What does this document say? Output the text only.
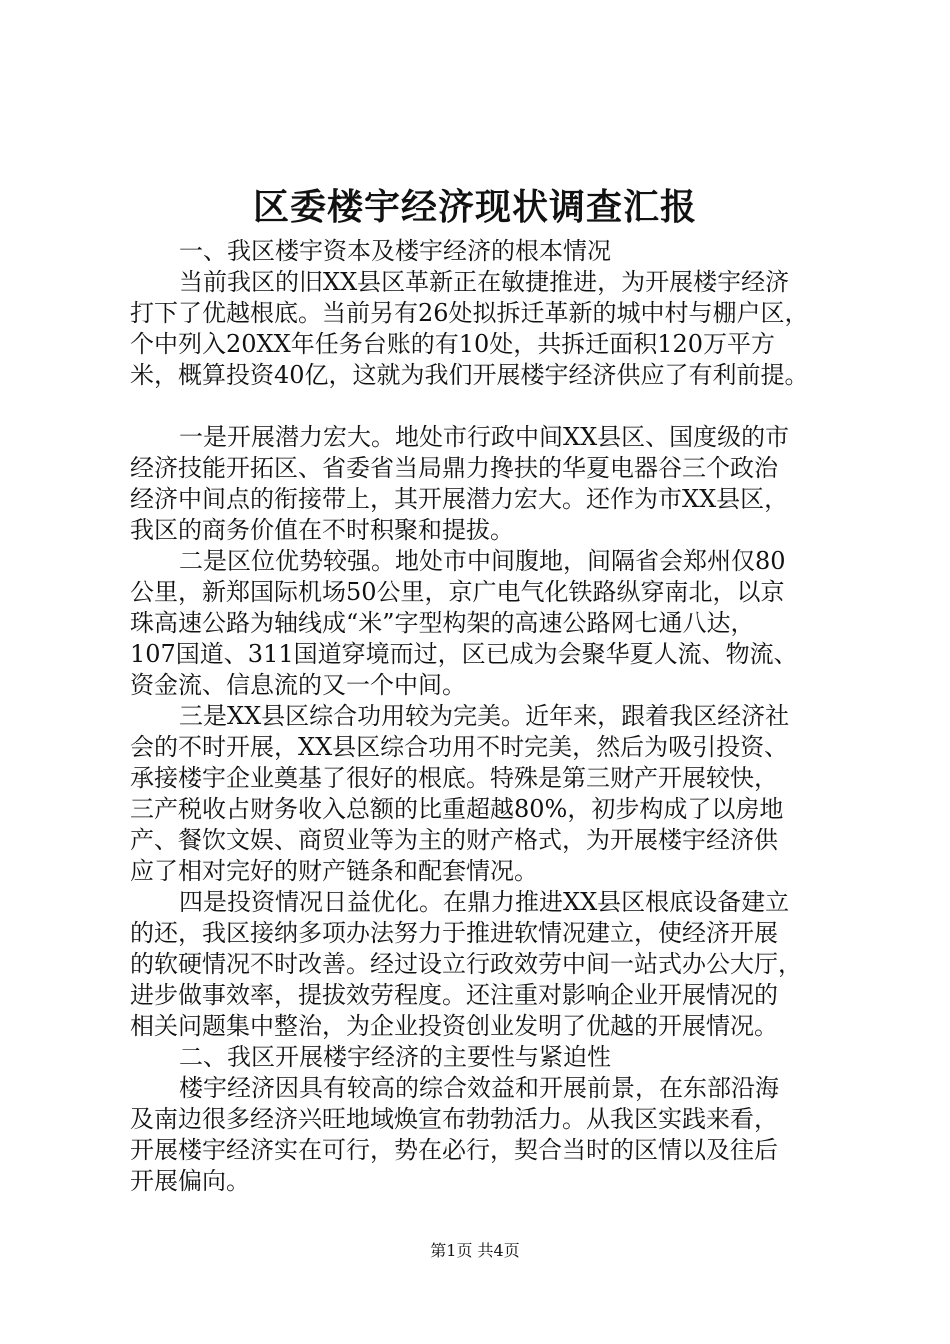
区委楼宇经济现状调查汇报
一、我区楼宇资本及楼宇经济的根本情况
当前我区的旧XX县区革新正在敏捷推进，为开展楼宇经济
打下了优越根底。当前另有26处拟拆迁革新的城中村与棚户区，
个中列入20XX年任务台账的有10处，共拆迁面积120万平方
米，概算投资40亿，这就为我们开展楼宇经济供应了有利前提。
一是开展潜力宏大。地处市行政中间XX县区、国度级的市
经济技能开拓区、省委省当局鼎力搀扶的华夏电器谷三个政治
经济中间点的衔接带上，其开展潜力宏大。还作为市XX县区，
我区的商务价值在不时积聚和提拔。
二是区位优势较强。地处市中间腹地，间隔省会郑州仅80
公里，新郑国际机场50公里，京广电气化铁路纵穿南北，以京
珠高速公路为轴线成“米”字型构架的高速公路网七通八达，
107国道、311国道穿境而过，区已成为会聚华夏人流、物流、
资金流、信息流的又一个中间。
三是XX县区综合功用较为完美。近年来，跟着我区经济社
会的不时开展，XX县区综合功用不时完美，然后为吸引投资、
承接楼宇企业奠基了很好的根底。特殊是第三财产开展较快，
三产税收占财务收入总额的比重超越80%，初步构成了以房地
产、餐饮文娱、商贸业等为主的财产格式，为开展楼宇经济供
应了相对完好的财产链条和配套情况。
四是投资情况日益优化。在鼎力推进XX县区根底设备建立
的还，我区接纳多项办法努力于推进软情况建立，使经济开展
的软硬情况不时改善。经过设立行政效劳中间一站式办公大厅，
进步做事效率，提拔效劳程度。还注重对影响企业开展情况的
相关问题集中整治，为企业投资创业发明了优越的开展情况。
二、我区开展楼宇经济的主要性与紧迫性
楼宇经济因具有较高的综合效益和开展前景，在东部沿海
及南边很多经济兴旺地域焕宣布勃勃活力。从我区实践来看，
开展楼宇经济实在可行，势在必行，契合当时的区情以及往后
开展偏向。
第1页 共4页
